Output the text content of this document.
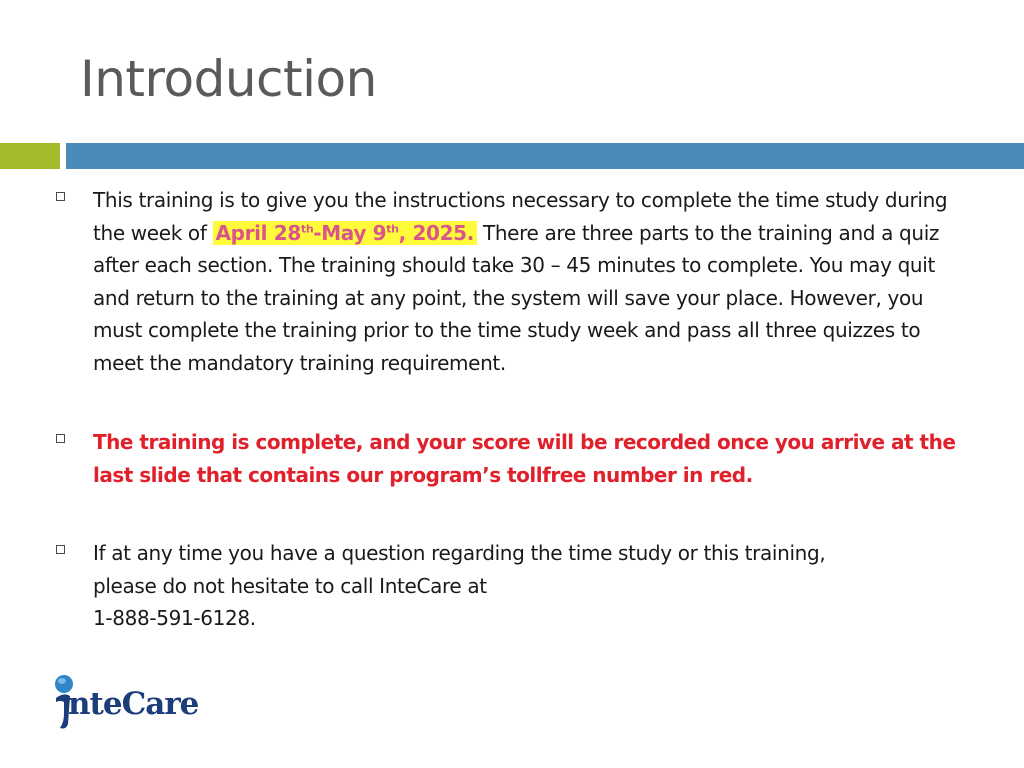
Introduction
This training is to give you the instructions necessary to complete the time study during the week of April 28th-May 9th, 2025. There are three parts to the training and a quiz after each section. The training should take 30 – 45 minutes to complete. You may quit and return to the training at any point, the system will save your place. However, you must complete the training prior to the time study week and pass all three quizzes to meet the mandatory training requirement.
The training is complete, and your score will be recorded once you arrive at the last slide that contains our program’s tollfree number in red.
If at any time you have a question regarding the time study or this training,
please do not hesitate to call InteCare at
1-888-591-6128.
nteCare
